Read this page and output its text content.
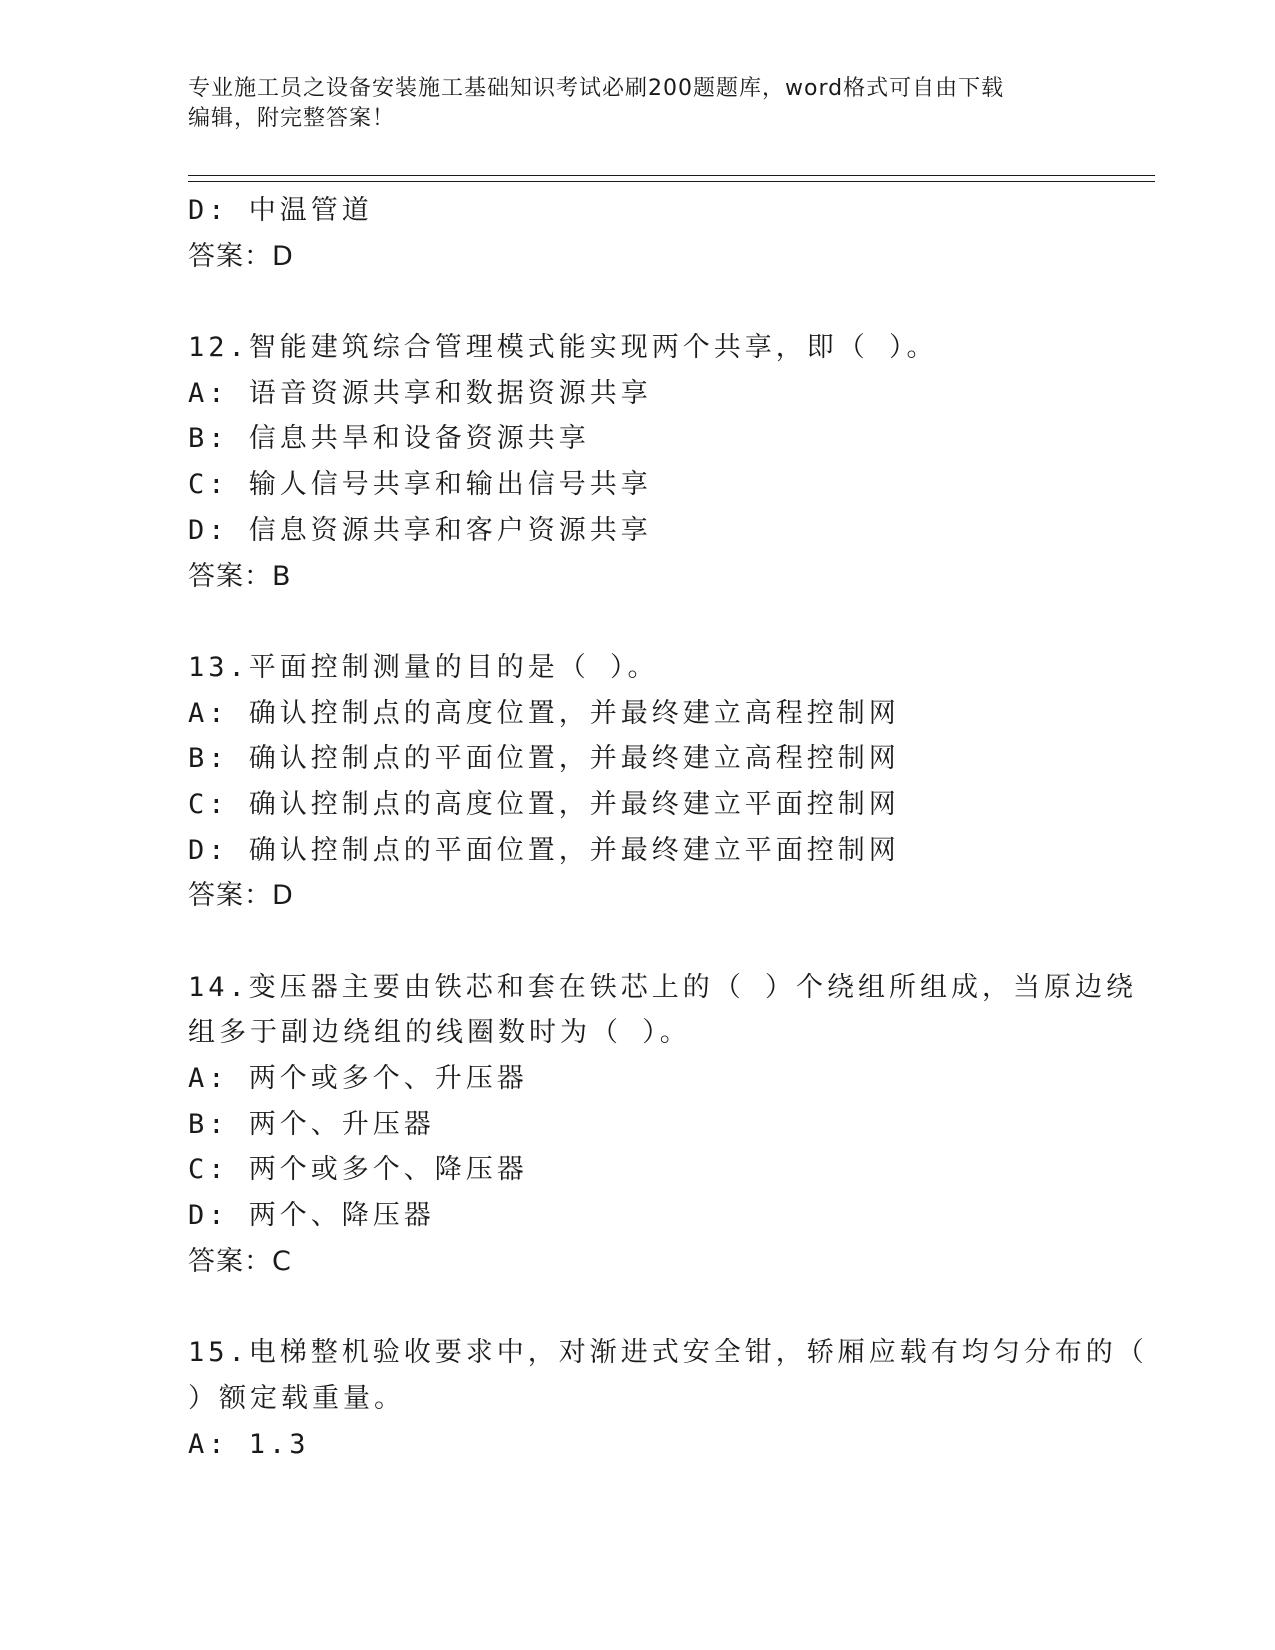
专业施工员之设备安装施工基础知识考试必刷200题题库，word格式可自由下载
编辑，附完整答案！
D: 中温管道
答案：D
12.智能建筑综合管理模式能实现两个共享，即（ ）。
A: 语音资源共享和数据资源共享
B: 信息共旱和设备资源共享
C: 输人信号共享和输出信号共享
D: 信息资源共享和客户资源共享
答案：B
13.平面控制测量的目的是（ ）。
A: 确认控制点的高度位置，并最终建立高程控制网
B: 确认控制点的平面位置，并最终建立高程控制网
C: 确认控制点的高度位置，并最终建立平面控制网
D: 确认控制点的平面位置，并最终建立平面控制网
答案：D
14.变压器主要由铁芯和套在铁芯上的（ ）个绕组所组成，当原边绕
组多于副边绕组的线圈数时为（ ）。
A: 两个或多个、升压器
B: 两个、升压器
C: 两个或多个、降压器
D: 两个、降压器
答案：C
15.电梯整机验收要求中，对渐进式安全钳，轿厢应载有均匀分布的（
）额定载重量。
A: 1.3
